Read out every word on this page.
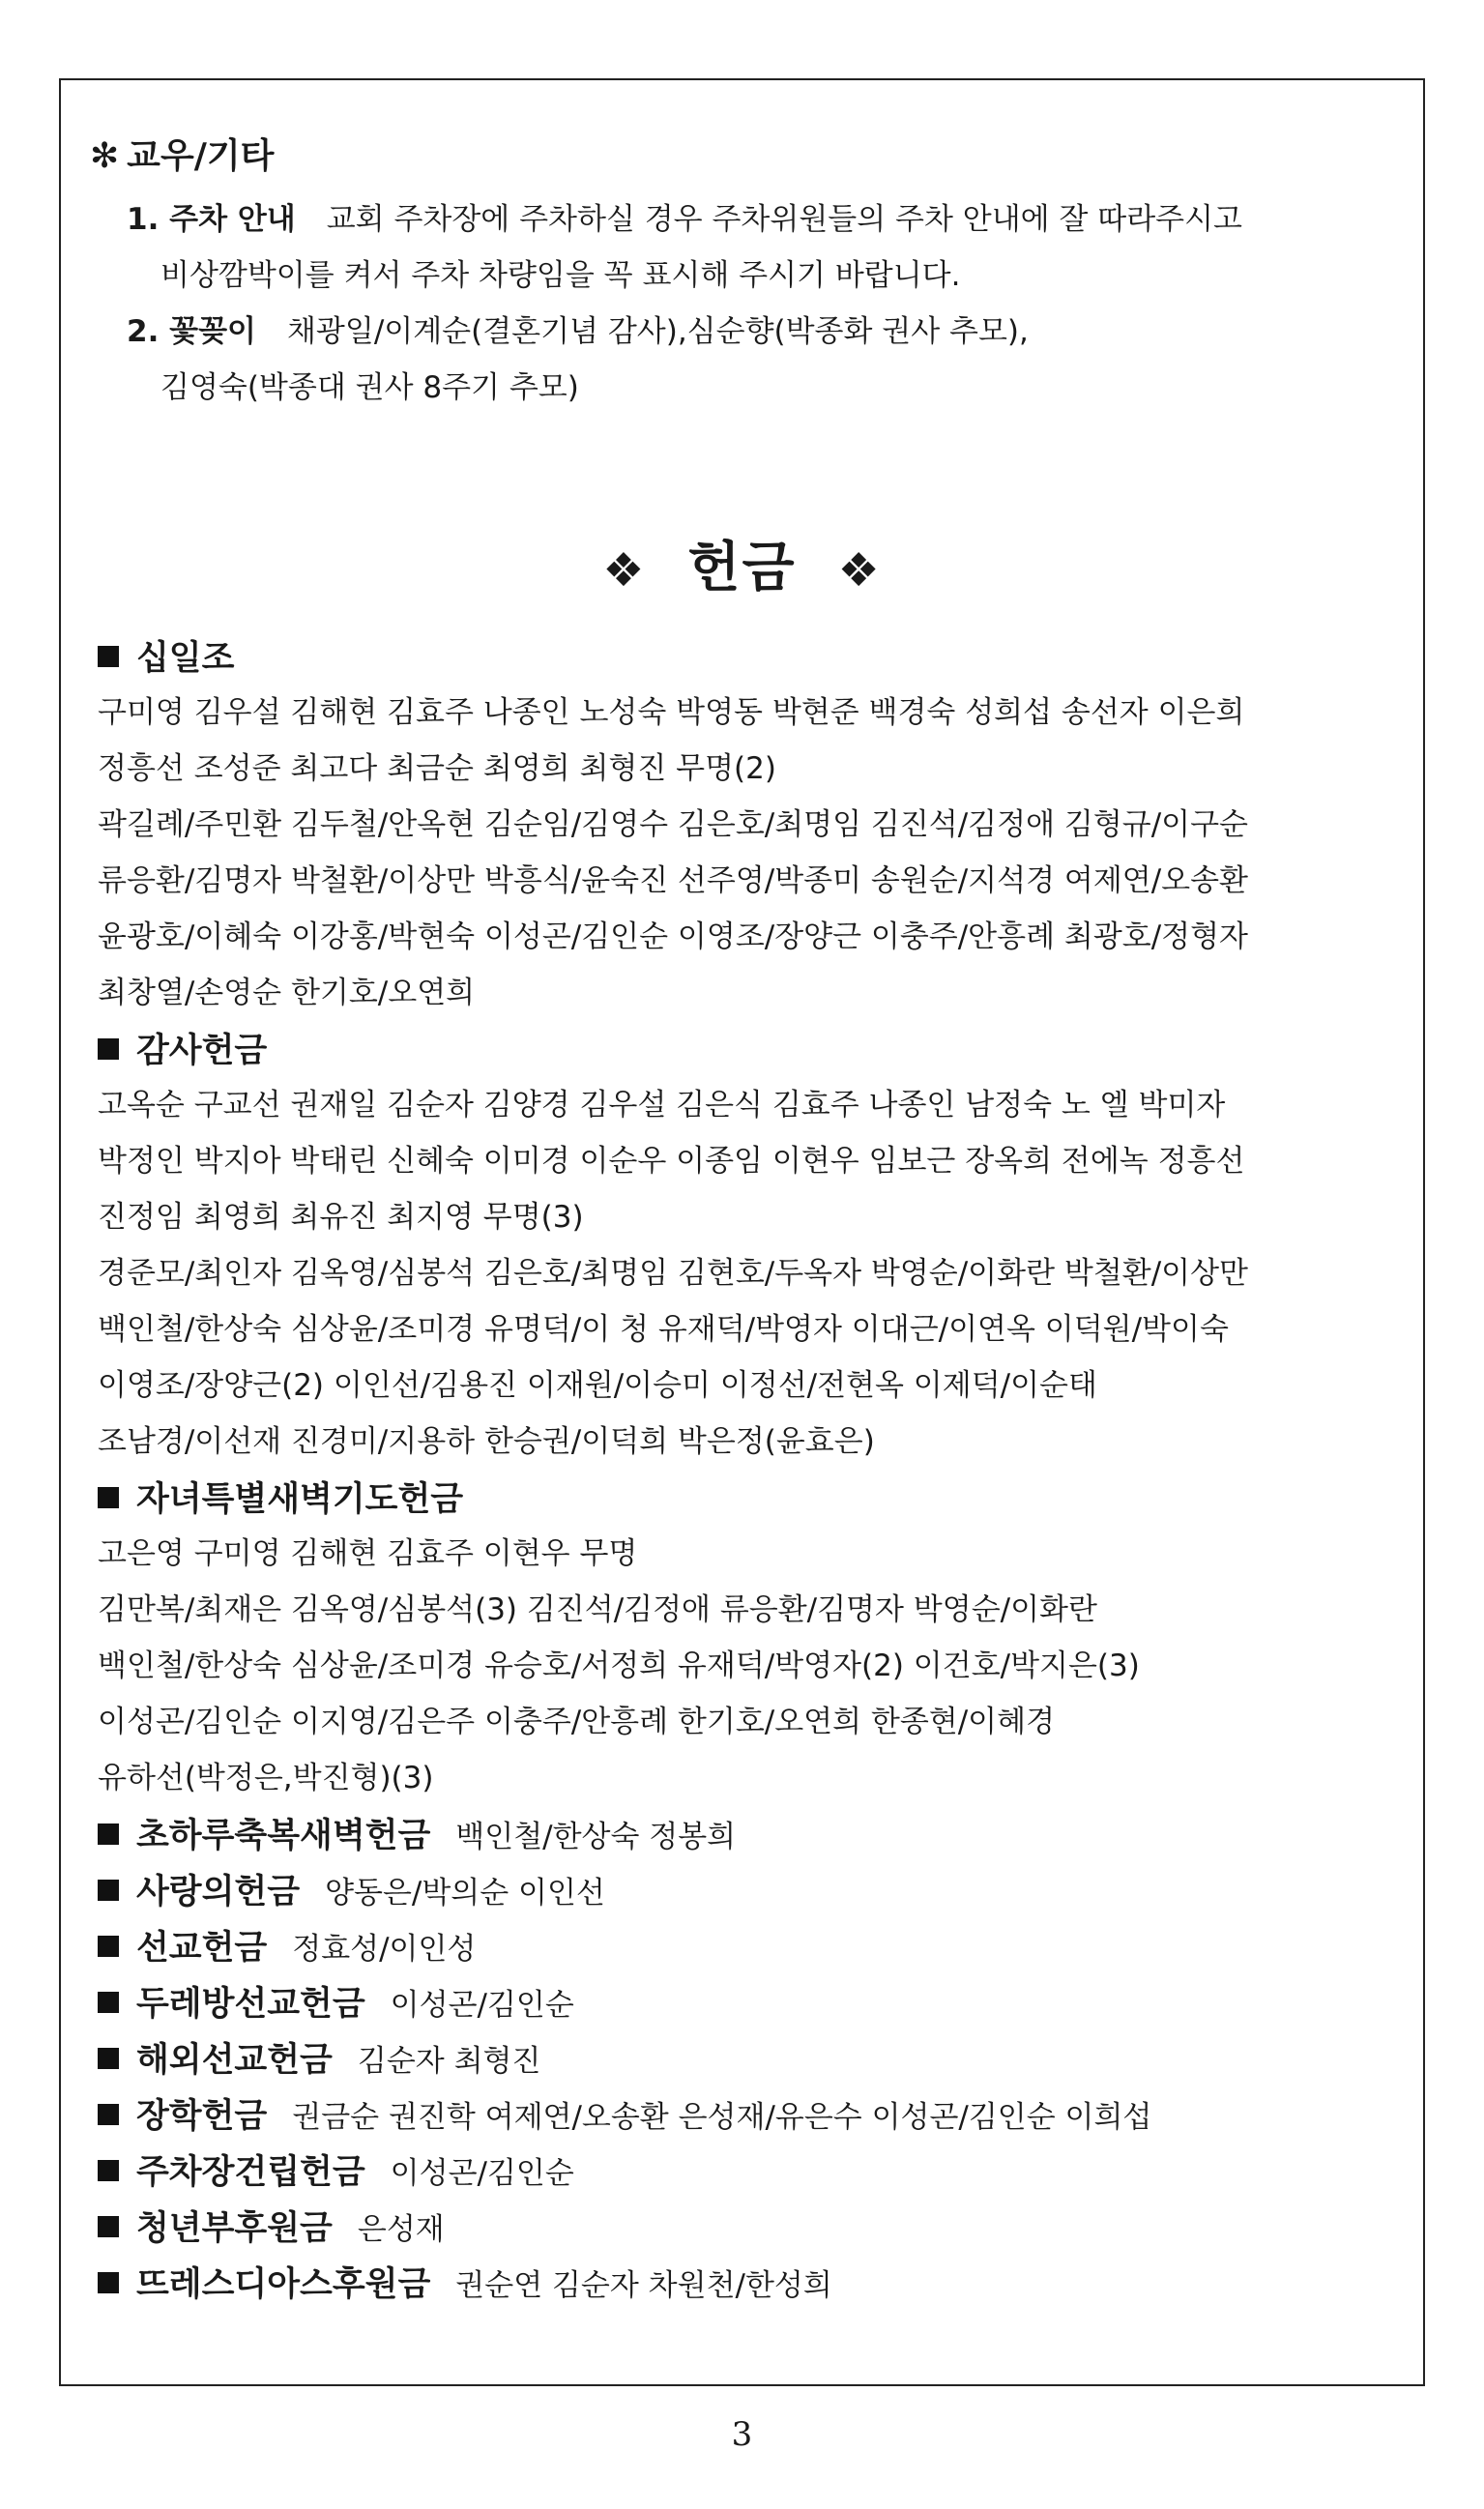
✻ 교우/기타
1. 주차 안내 교회 주차장에 주차하실 경우 주차위원들의 주차 안내에 잘 따라주시고
비상깜박이를 켜서 주차 차량임을 꼭 표시해 주시기 바랍니다.
2. 꽃꽂이 채광일/이계순(결혼기념 감사),심순향(박종화 권사 추모),
김영숙(박종대 권사 8주기 추모)
❖ 헌금 ❖
십일조
구미영 김우설 김해현 김효주 나종인 노성숙 박영동 박현준 백경숙 성희섭 송선자 이은희
정흥선 조성준 최고다 최금순 최영희 최형진 무명(2)
곽길례/주민환 김두철/안옥현 김순임/김영수 김은호/최명임 김진석/김정애 김형규/이구순
류응환/김명자 박철환/이상만 박흥식/윤숙진 선주영/박종미 송원순/지석경 여제연/오송환
윤광호/이혜숙 이강홍/박현숙 이성곤/김인순 이영조/장양근 이충주/안흥례 최광호/정형자
최창열/손영순 한기호/오연희
감사헌금
고옥순 구교선 권재일 김순자 김양경 김우설 김은식 김효주 나종인 남정숙 노 엘 박미자
박정인 박지아 박태린 신혜숙 이미경 이순우 이종임 이현우 임보근 장옥희 전에녹 정흥선
진정임 최영희 최유진 최지영 무명(3)
경준모/최인자 김옥영/심봉석 김은호/최명임 김현호/두옥자 박영순/이화란 박철환/이상만
백인철/한상숙 심상윤/조미경 유명덕/이 청 유재덕/박영자 이대근/이연옥 이덕원/박이숙
이영조/장양근(2) 이인선/김용진 이재원/이승미 이정선/전현옥 이제덕/이순태
조남경/이선재 진경미/지용하 한승권/이덕희 박은정(윤효은)
자녀특별새벽기도헌금
고은영 구미영 김해현 김효주 이현우 무명
김만복/최재은 김옥영/심봉석(3) 김진석/김정애 류응환/김명자 박영순/이화란
백인철/한상숙 심상윤/조미경 유승호/서정희 유재덕/박영자(2) 이건호/박지은(3)
이성곤/김인순 이지영/김은주 이충주/안흥례 한기호/오연희 한종현/이혜경
유하선(박정은,박진형)(3)
초하루축복새벽헌금 백인철/한상숙 정봉희
사랑의헌금 양동은/박의순 이인선
선교헌금 정효성/이인성
두레방선교헌금 이성곤/김인순
해외선교헌금 김순자 최형진
장학헌금 권금순 권진학 여제연/오송환 은성재/유은수 이성곤/김인순 이희섭
주차장건립헌금 이성곤/김인순
청년부후원금 은성재
뜨레스디아스후원금 권순연 김순자 차원천/한성희
3
